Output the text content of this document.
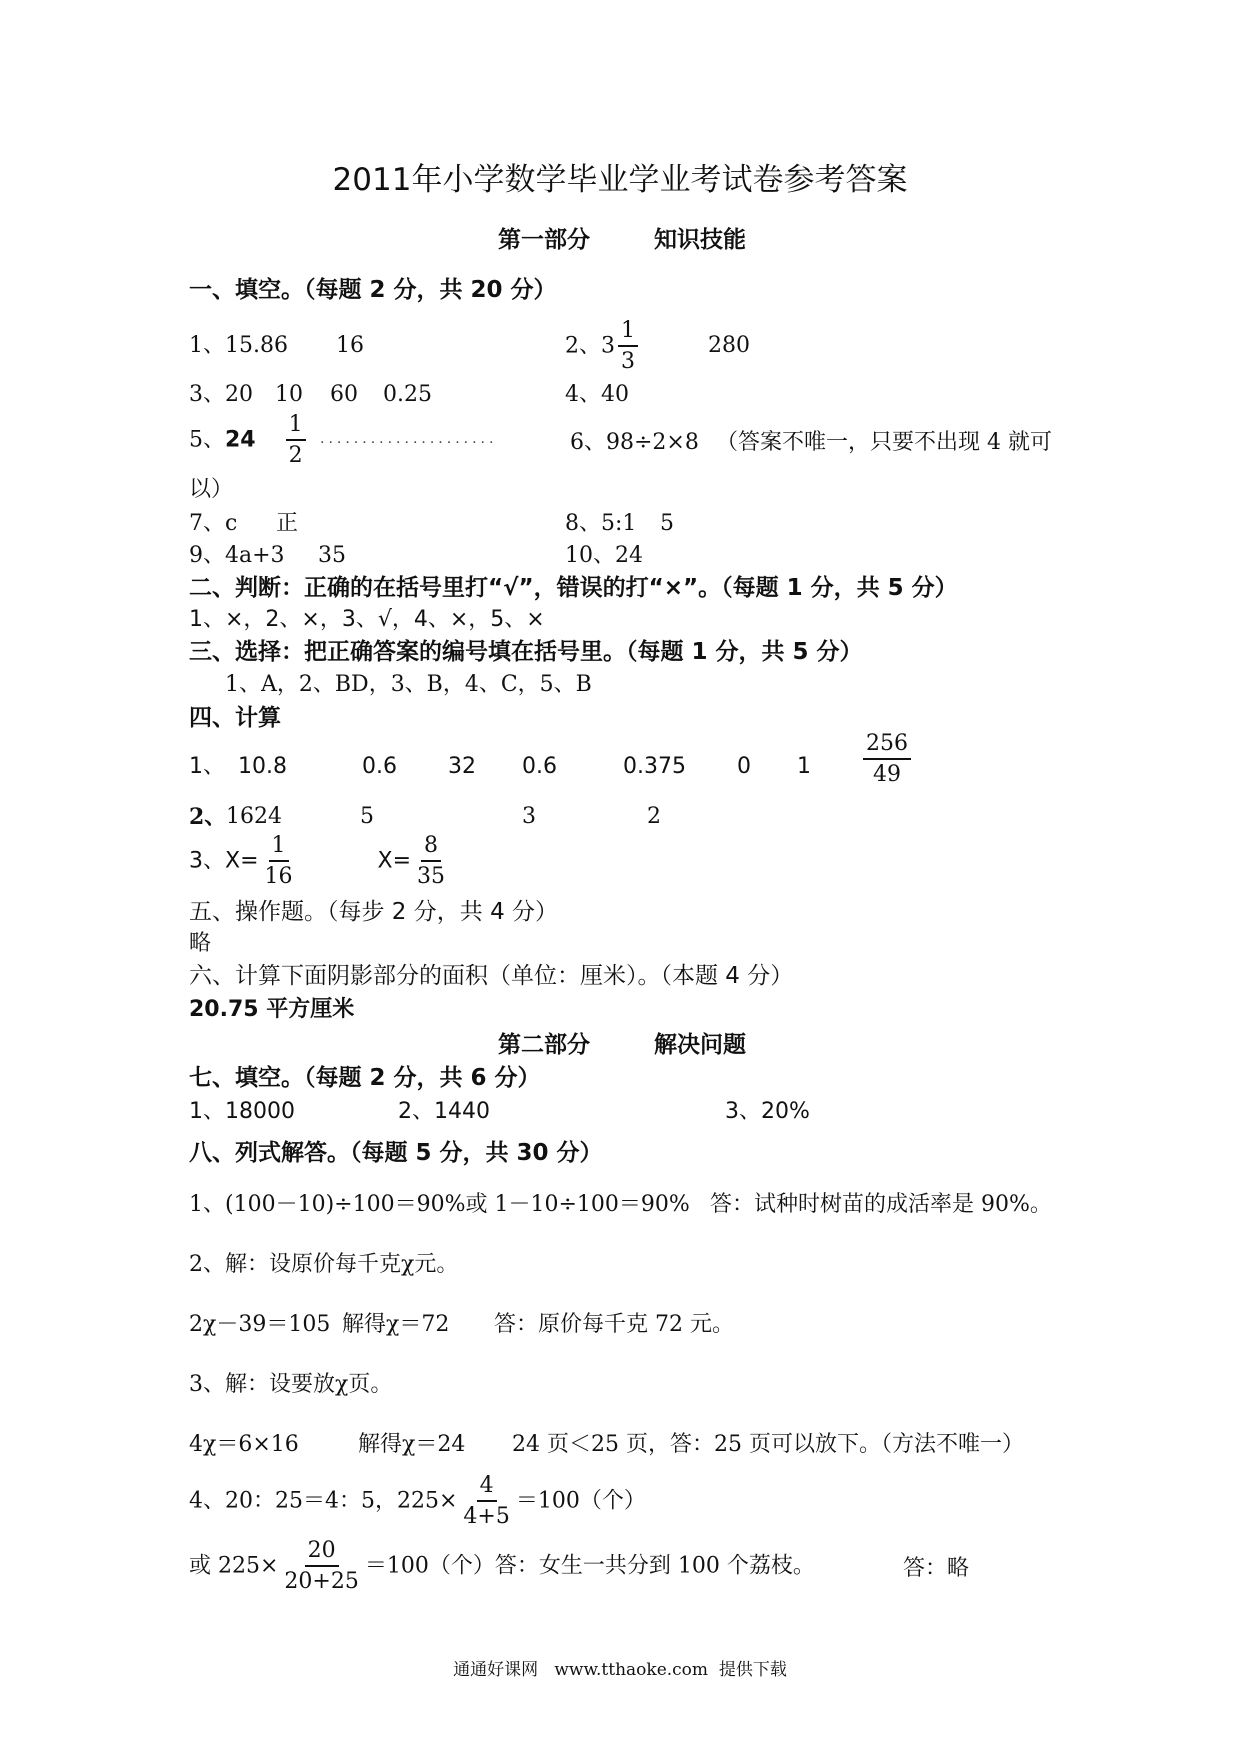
2011年小学数学毕业学业考试卷参考答案
第一部分	知识技能
一、填空。（每题 2 分，共 20 分）
1、15.86 16	2、$3 \frac{1}{3}$	280
3、20 10 60 0.25	4、40
5、$24 \frac{1}{2}$ ·····················	6、98÷2×8 （答案不唯一，只要不出现 4 就可
以）
7、c 正	8、5:1 5
9、4a+3 35	10、24
二、判断：正确的在括号里打“√”，错误的打“×”。（每题 1 分，共 5 分）
1、×，2、×，3、√，4、×，5、×
三、选择：把正确答案的编号填在括号里。（每题 1 分，共 5 分）
1、A，2、BD，3、B，4、C，5、B
四、计算
1、 10.8	0.6 32 0.6	0.375 0 $1 \frac{256}{49}$
2、 1624	5	3	2
3、$X= \frac{1}{16}$	$X= \frac{8}{35}$
五、操作题。（每步 2 分，共 4 分）
略
六、计算下面阴影部分的面积（单位：厘米）。（本题 4 分）
20.75 平方厘米
第二部分	解决问题
七、填空。（每题 2 分，共 6 分）
1、18000	2、1440	3、20%
八、列式解答。（每题 5 分，共 30 分）
1、(100－10)÷100＝90%或 1－10÷100＝90% 答：试种时树苗的成活率是 90%。
2、解：设原价每千克χ元。
2χ－39＝105 解得χ＝72 答：原价每千克 72 元。
3、解：设要放χ页。
4χ＝6×16	解得χ＝24 24 页＜25 页，答：25 页可以放下。（方法不唯一）
4、20：25＝4：5，$225\times \frac{4}{4+5} =100$（个）
或 $225\times \frac{20}{20+25} =100$（个）答：女生一共分到 100 个荔枝。	答：略
通通好课网   www.tthaoke.com  提供下载
